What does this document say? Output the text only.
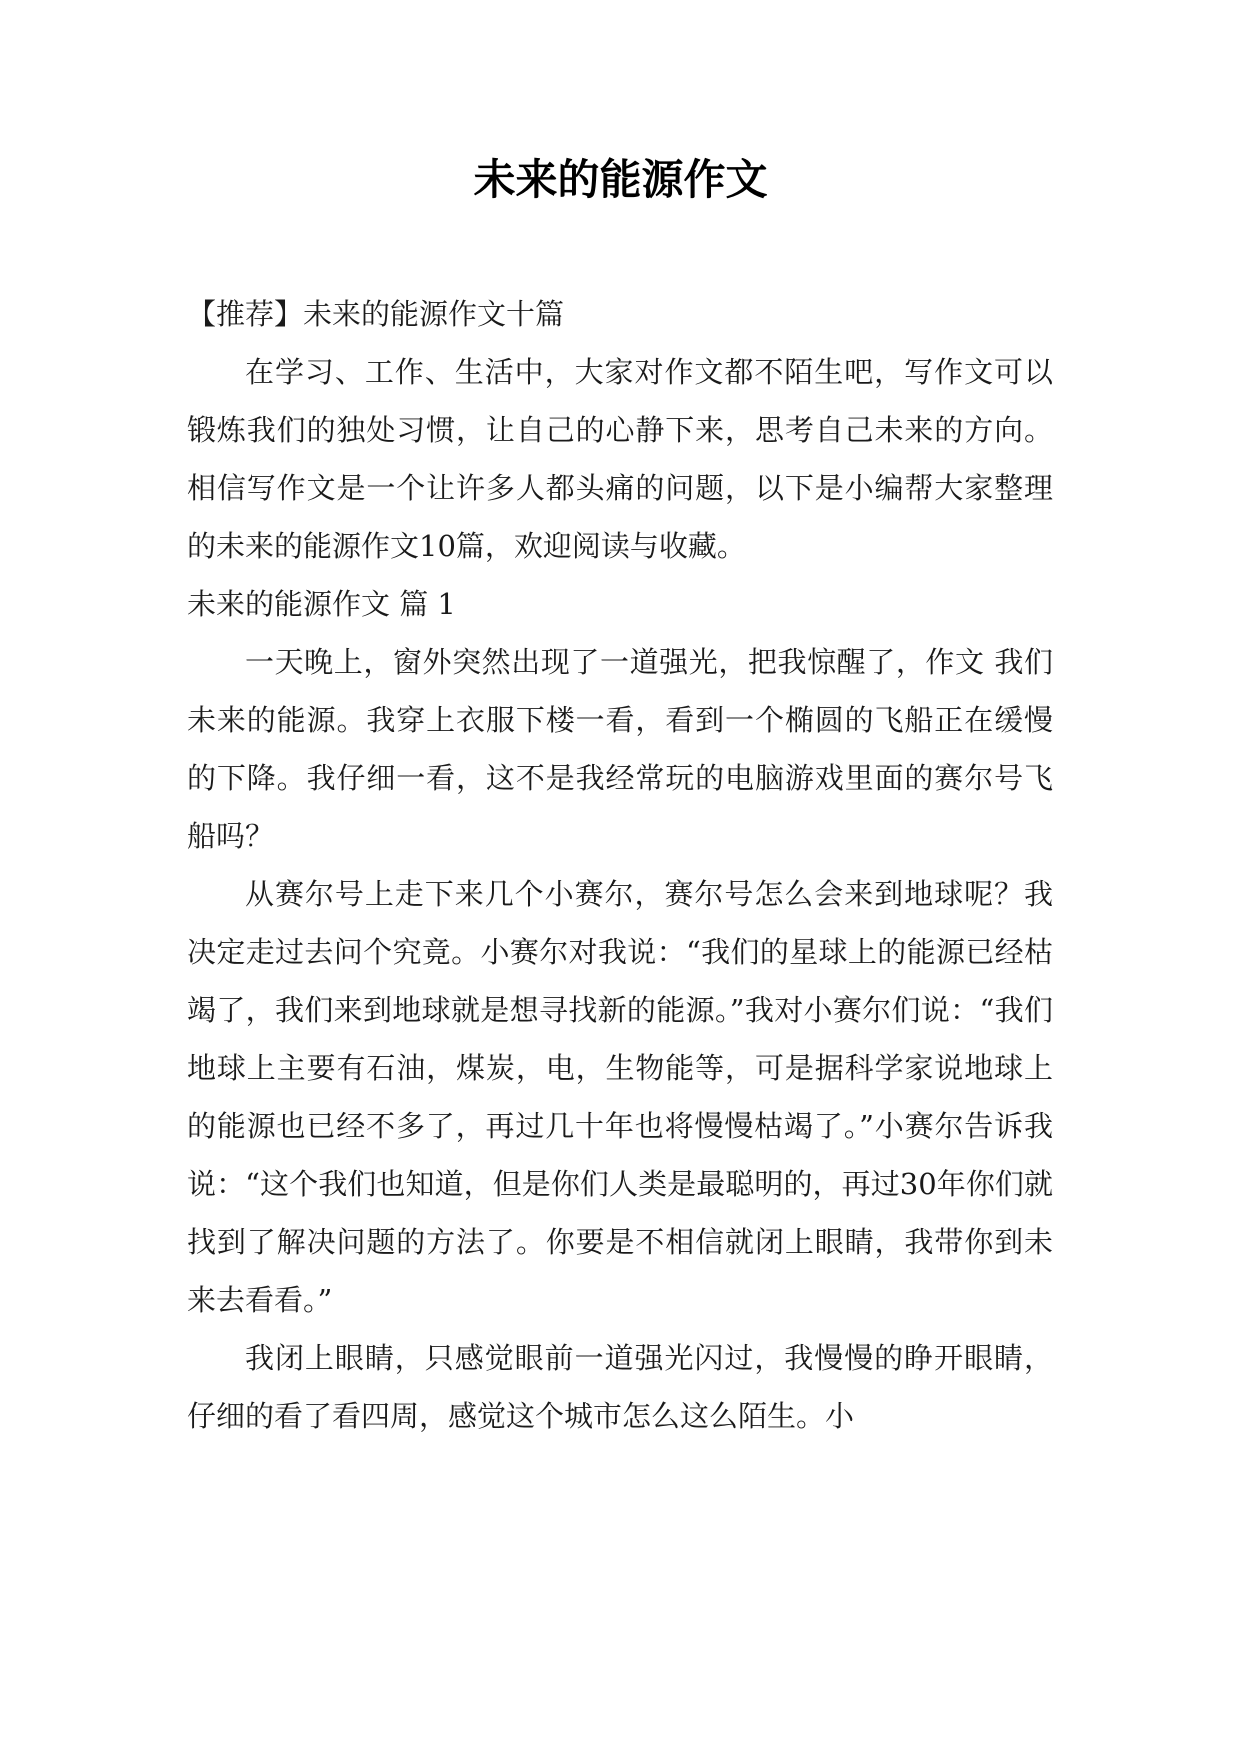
未来的能源作文

【推荐】未来的能源作文十篇

在学习、工作、生活中，大家对作文都不陌生吧，写作文可以锻炼我们的独处习惯，让自己的心静下来，思考自己未来的方向。相信写作文是一个让许多人都头痛的问题，以下是小编帮大家整理的未来的能源作文10篇，欢迎阅读与收藏。

未来的能源作文 篇 1

一天晚上，窗外突然出现了一道强光，把我惊醒了，作文 我们未来的能源。我穿上衣服下楼一看，看到一个椭圆的飞船正在缓慢的下降。我仔细一看，这不是我经常玩的电脑游戏里面的赛尔号飞船吗？

从赛尔号上走下来几个小赛尔，赛尔号怎么会来到地球呢？我决定走过去问个究竟。小赛尔对我说：“我们的星球上的能源已经枯竭了，我们来到地球就是想寻找新的能源。”我对小赛尔们说：“我们地球上主要有石油，煤炭，电，生物能等，可是据科学家说地球上的能源也已经不多了，再过几十年也将慢慢枯竭了。”小赛尔告诉我说：“这个我们也知道，但是你们人类是最聪明的，再过30年你们就找到了解决问题的方法了。你要是不相信就闭上眼睛，我带你到未来去看看。”

我闭上眼睛，只感觉眼前一道强光闪过，我慢慢的睁开眼睛，仔细的看了看四周，感觉这个城市怎么这么陌生。小
